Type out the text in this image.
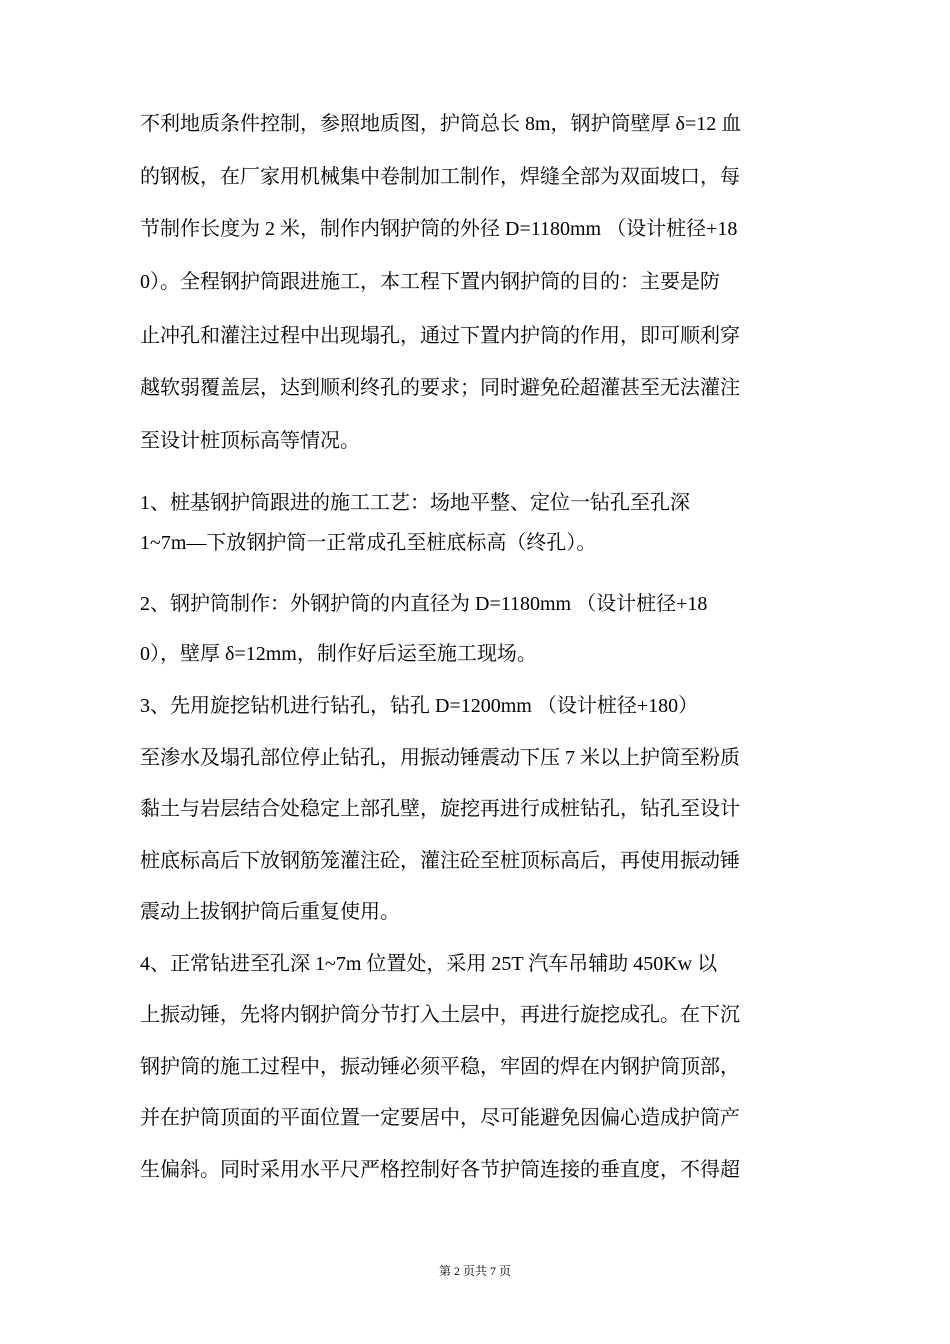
不利地质条件控制，参照地质图，护筒总长 8m，钢护筒壁厚 δ=12 血
的钢板，在厂家用机械集中卷制加工制作，焊缝全部为双面坡口，每
节制作长度为 2 米，制作内钢护筒的外径 D=1180mm （设计桩径+18
0）。全程钢护筒跟进施工，本工程下置内钢护筒的目的：主要是防
止冲孔和灌注过程中出现塌孔，通过下置内护筒的作用，即可顺利穿
越软弱覆盖层，达到顺利终孔的要求；同时避免砼超灌甚至无法灌注
至设计桩顶标高等情况。
1、桩基钢护筒跟进的施工工艺：场地平整、定位一钻孔至孔深
1~7m—下放钢护筒一正常成孔至桩底标高（终孔）。
2、钢护筒制作：外钢护筒的内直径为 D=1180mm （设计桩径+18
0），壁厚 δ=12mm，制作好后运至施工现场。
3、先用旋挖钻机进行钻孔，钻孔 D=1200mm （设计桩径+180）
至渗水及塌孔部位停止钻孔，用振动锤震动下压 7 米以上护筒至粉质
黏土与岩层结合处稳定上部孔壁，旋挖再进行成桩钻孔，钻孔至设计
桩底标高后下放钢筋笼灌注砼，灌注砼至桩顶标高后，再使用振动锤
震动上拔钢护筒后重复使用。
4、正常钻进至孔深 1~7m 位置处，采用 25T 汽车吊辅助 450Kw 以
上振动锤，先将内钢护筒分节打入土层中，再进行旋挖成孔。在下沉
钢护筒的施工过程中，振动锤必须平稳，牢固的焊在内钢护筒顶部，
并在护筒顶面的平面位置一定要居中，尽可能避免因偏心造成护筒产
生偏斜。同时采用水平尺严格控制好各节护筒连接的垂直度，不得超
第 2 页共 7 页
